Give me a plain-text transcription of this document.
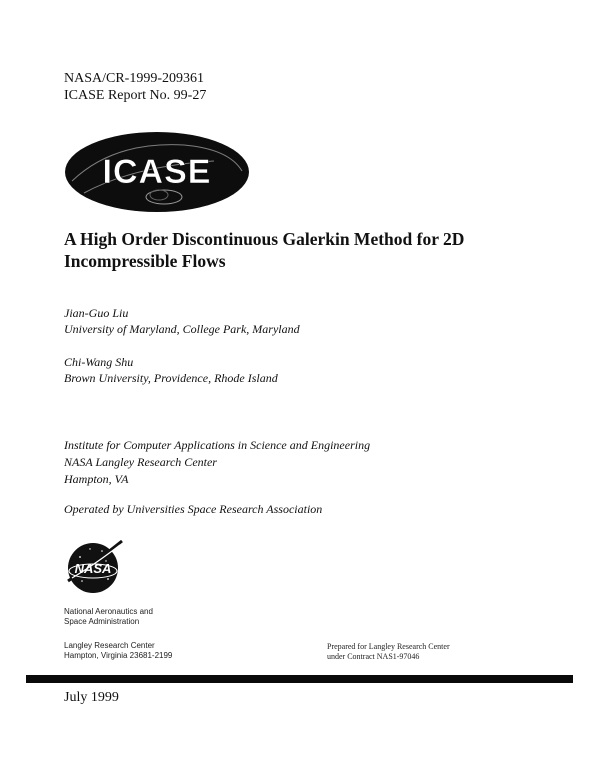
NASA/CR-1999-209361
ICASE Report No. 99-27
ICASE
A High Order Discontinuous Galerkin Method for 2D
Incompressible Flows
Jian-Guo Liu
University of Maryland, College Park, Maryland
Chi-Wang Shu
Brown University, Providence, Rhode Island
Institute for Computer Applications in Science and Engineering
NASA Langley Research Center
Hampton, VA
Operated by Universities Space Research Association
NASA
National Aeronautics and
Space Administration
Langley Research Center
Hampton, Virginia 23681-2199
Prepared for Langley Research Center
under Contract NAS1-97046
July 1999
